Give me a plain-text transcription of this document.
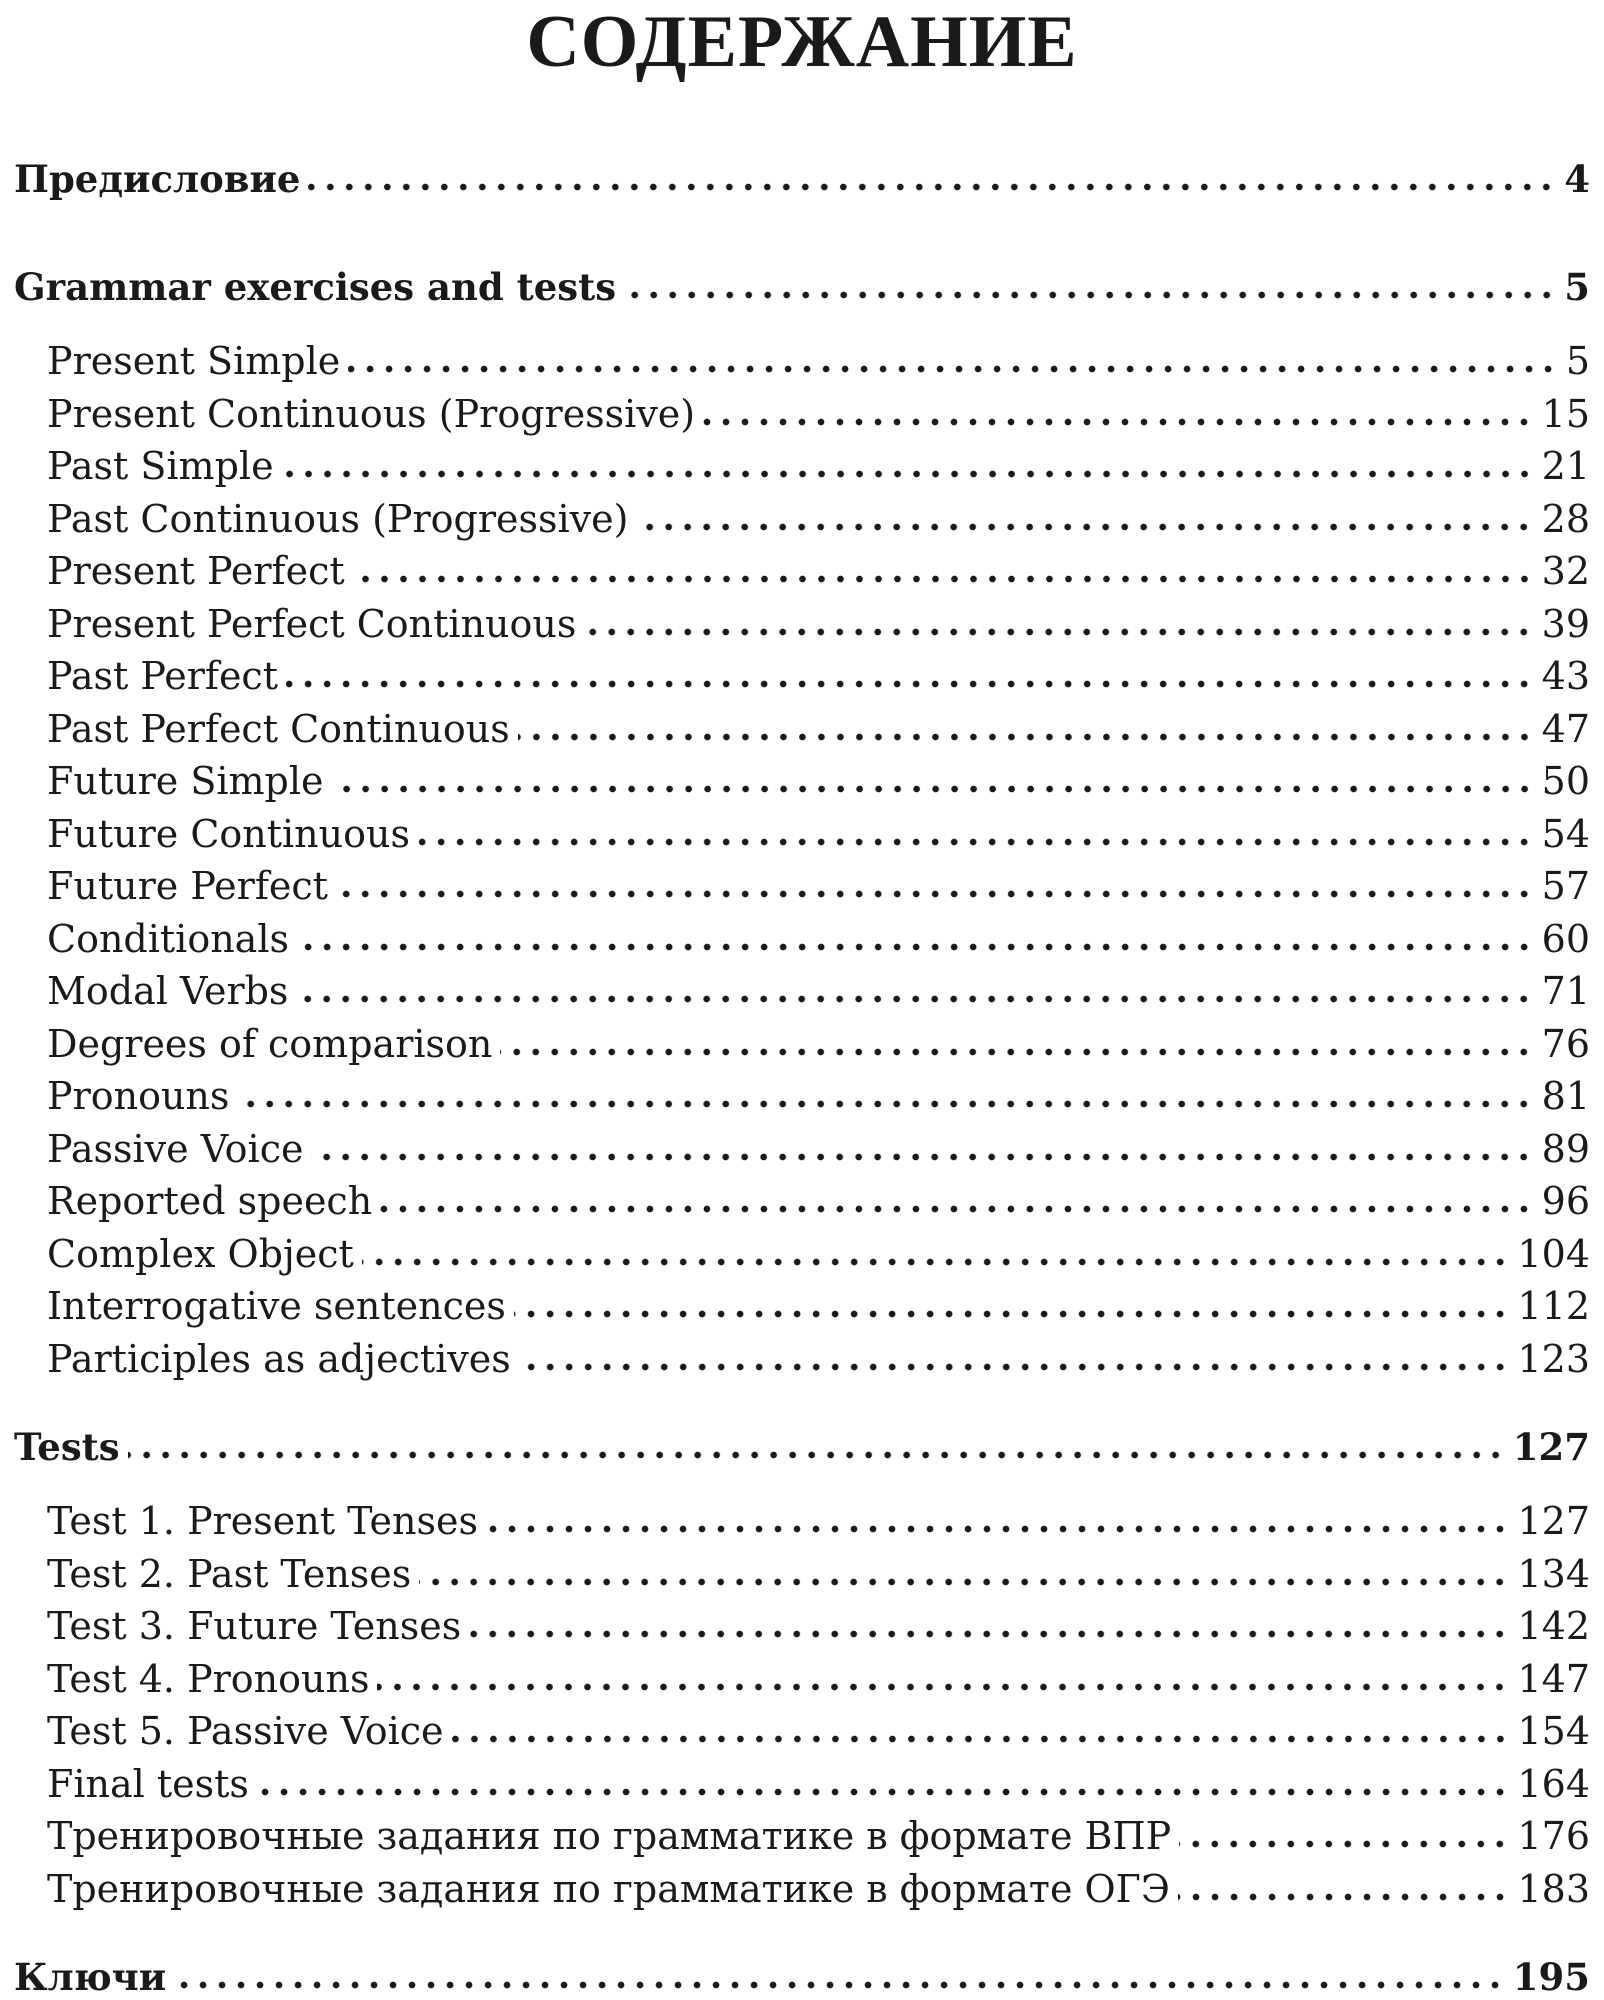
СОДЕРЖАНИЕ
Предисловие	4
Grammar exercises and tests	5
Present Simple	5
Present Continuous (Progressive)	15
Past Simple	21
Past Continuous (Progressive)	28
Present Perfect	32
Present Perfect Continuous	39
Past Perfect	43
Past Perfect Continuous	47
Future Simple	50
Future Continuous	54
Future Perfect	57
Conditionals	60
Modal Verbs	71
Degrees of comparison	76
Pronouns	81
Passive Voice	89
Reported speech	96
Complex Object	104
Interrogative sentences	112
Participles as adjectives	123
Tests	127
Test 1. Present Tenses	127
Test 2. Past Tenses	134
Test 3. Future Tenses	142
Test 4. Pronouns	147
Test 5. Passive Voice	154
Final tests	164
Тренировочные задания по грамматике в формате ВПР	176
Тренировочные задания по грамматике в формате ОГЭ	183
Ключи	195
